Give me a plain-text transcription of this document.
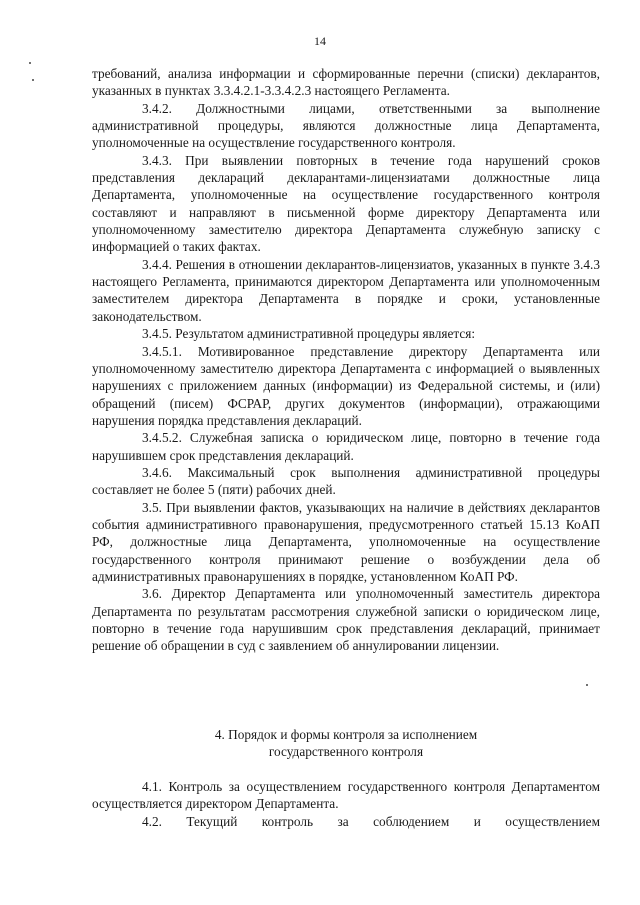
14

требований, анализа информации и сформированные перечни (списки) декларантов, указанных в пунктах 3.3.4.2.1-3.3.4.2.3 настоящего Регламента.

3.4.2. Должностными лицами, ответственными за выполнение административной процедуры, являются должностные лица Департамента, уполномоченные на осуществление государственного контроля.

3.4.3. При выявлении повторных в течение года нарушений сроков представления деклараций декларантами-лицензиатами должностные лица Департамента, уполномоченные на осуществление государственного контроля составляют и направляют в письменной форме директору Департамента или уполномоченному заместителю директора Департамента служебную записку с информацией о таких фактах.

3.4.4. Решения в отношении декларантов-лицензиатов, указанных в пункте 3.4.3 настоящего Регламента, принимаются директором Департамента или уполномоченным заместителем директора Департамента в порядке и сроки, установленные законодательством.

3.4.5. Результатом административной процедуры является:

3.4.5.1. Мотивированное представление директору Департамента или уполномоченному заместителю директора Департамента с информацией о выявленных нарушениях с приложением данных (информации) из Федеральной системы, и (или) обращений (писем) ФСРАР, других документов (информации), отражающими нарушения порядка представления деклараций.

3.4.5.2. Служебная записка о юридическом лице, повторно в течение года нарушившем срок представления деклараций.

3.4.6. Максимальный срок выполнения административной процедуры составляет не более 5 (пяти) рабочих дней.

3.5. При выявлении фактов, указывающих на наличие в действиях декларантов события административного правонарушения, предусмотренного статьей 15.13 КоАП РФ, должностные лица Департамента, уполномоченные на осуществление государственного контроля принимают решение о возбуждении дела об административных правонарушениях в порядке, установленном КоАП РФ.

3.6. Директор Департамента или уполномоченный заместитель директора Департамента по результатам рассмотрения служебной записки о юридическом лице, повторно в течение года нарушившим срок представления деклараций, принимает решение об обращении в суд с заявлением об аннулировании лицензии.

4. Порядок и формы контроля за исполнением
государственного контроля

4.1. Контроль за осуществлением государственного контроля Департаментом осуществляется директором Департамента.

4.2. Текущий контроль за соблюдением и осуществлением
